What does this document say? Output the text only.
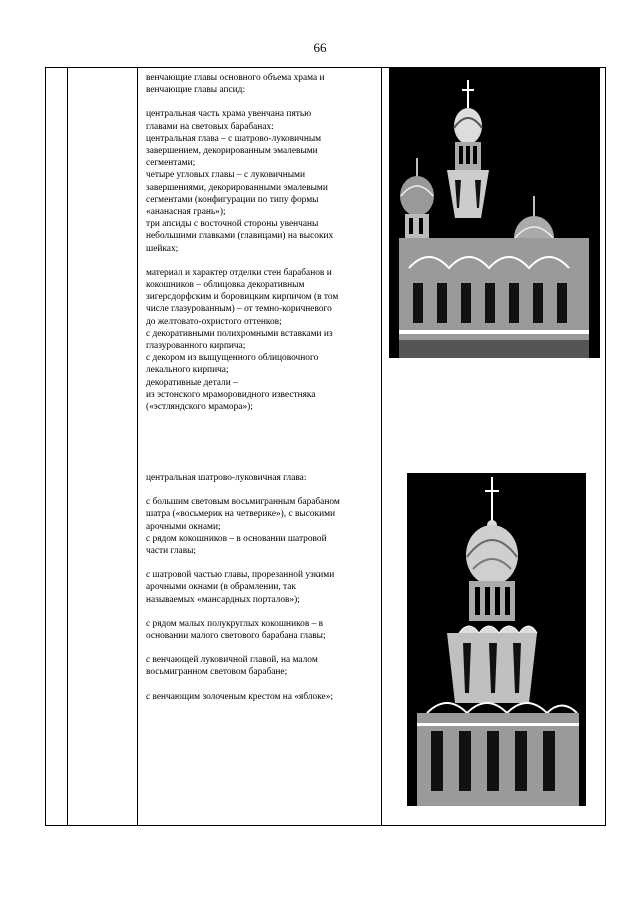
66

венчающие главы основного объема храма и

венчающие главы апсид:

центральная часть храма увенчана пятью

главами на световых барабанах:

центральная глава – с шатрово-луковичным

завершением, декорированным эмалевыми

сегментами;

четыре угловых главы – с луковичными

завершениями, декорированными эмалевыми

сегментами (конфигурации по типу формы

«ананасная грань»);

три апсиды с восточной стороны увенчаны

небольшими главками (главицами) на высоких

шейках;

материал и характер отделки стен барабанов и

кокошников – облицовка декоративным

зигерсдорфским и боровицким кирпичом (в том

числе глазурованным) – от темно-коричневого

до желтовато-охристого оттенков;

с декоративными полихромными вставками из

глазурованного кирпича;

с декором из выщущенного облицовочного

лекального кирпича;

декоративные детали –

из эстонского мраморовидного известняка

(«эстляндского мрамора»);

центральная шатрово-луковичная глава:

с большим световым восьмигранным барабаном

шатра («восьмерик на четверике»), с высокими

арочными окнами;

с рядом кокошников – в основании шатровой

части главы;

с шатровой частью главы, прорезанной узкими

арочными окнами (в обрамлении, так

называемых «мансардных порталов»);

с рядом малых полукруглых кокошников – в

основании малого светового барабана главы;

с венчающей луковичной главой, на малом

восьмигранном световом барабане;

с венчающим золоченым крестом на «яблоке»;
